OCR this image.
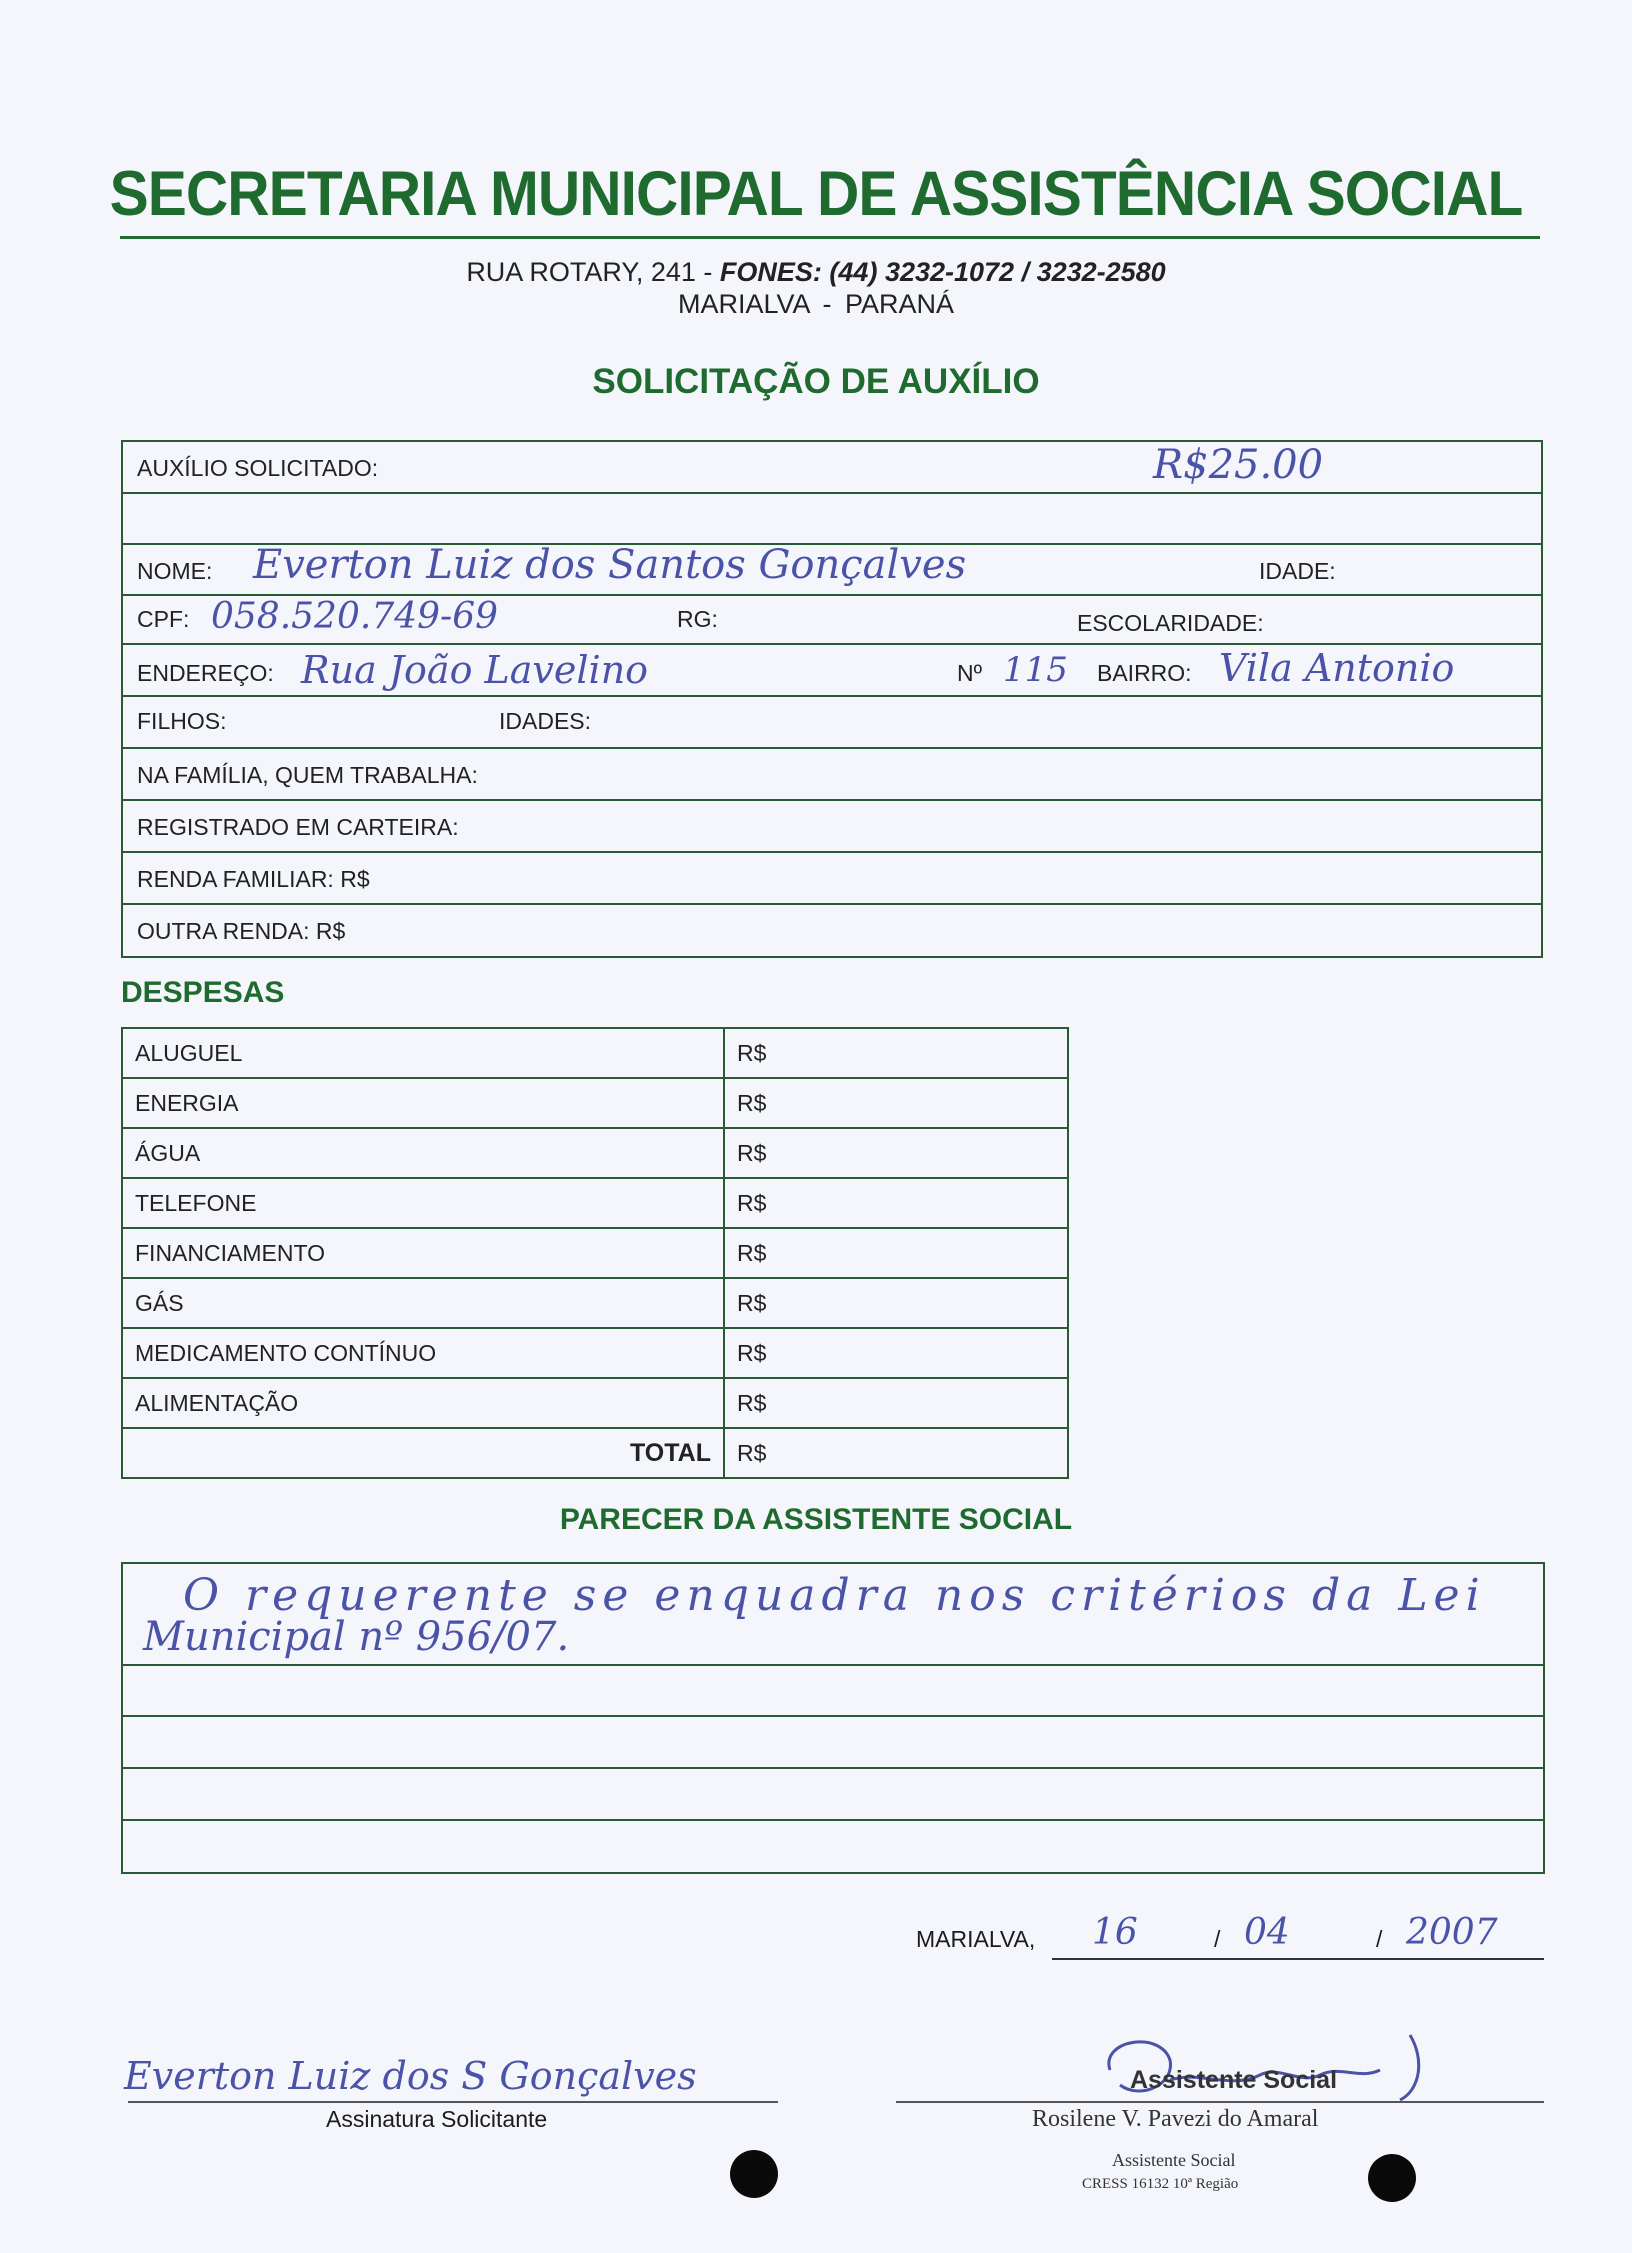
SECRETARIA MUNICIPAL DE ASSISTÊNCIA SOCIAL
RUA ROTARY, 241 - FONES: (44) 3232-1072 / 3232-2580
MARIALVA - PARANÁ
SOLICITAÇÃO DE AUXÍLIO
AUXÍLIO SOLICITADO:	R$25.00
NOME: Everton Luiz dos Santos Gonçalves	IDADE:
CPF: 058.520.749-69	RG:	ESCOLARIDADE:
ENDEREÇO: Rua João Lavelino	Nº 115 BAIRRO: Vila Antonio
FILHOS:	IDADES:
NA FAMÍLIA, QUEM TRABALHA:
REGISTRADO EM CARTEIRA:
RENDA FAMILIAR: R$
OUTRA RENDA: R$
DESPESAS
ALUGUEL	R$
ENERGIA	R$
ÁGUA	R$
TELEFONE	R$
FINANCIAMENTO	R$
GÁS	R$
MEDICAMENTO CONTÍNUO	R$
ALIMENTAÇÃO	R$
TOTAL	R$
PARECER DA ASSISTENTE SOCIAL
O requerente se enquadra nos critérios da Lei
Municipal nº 956/07.
MARIALVA, 16	/ 04	/ 2007
Everton Luiz dos S Gonçalves
Assinatura Solicitante
Assistente Social
Rosilene V. Pavezi do Amaral
Assistente Social
CRESS 16132 10ª Região
